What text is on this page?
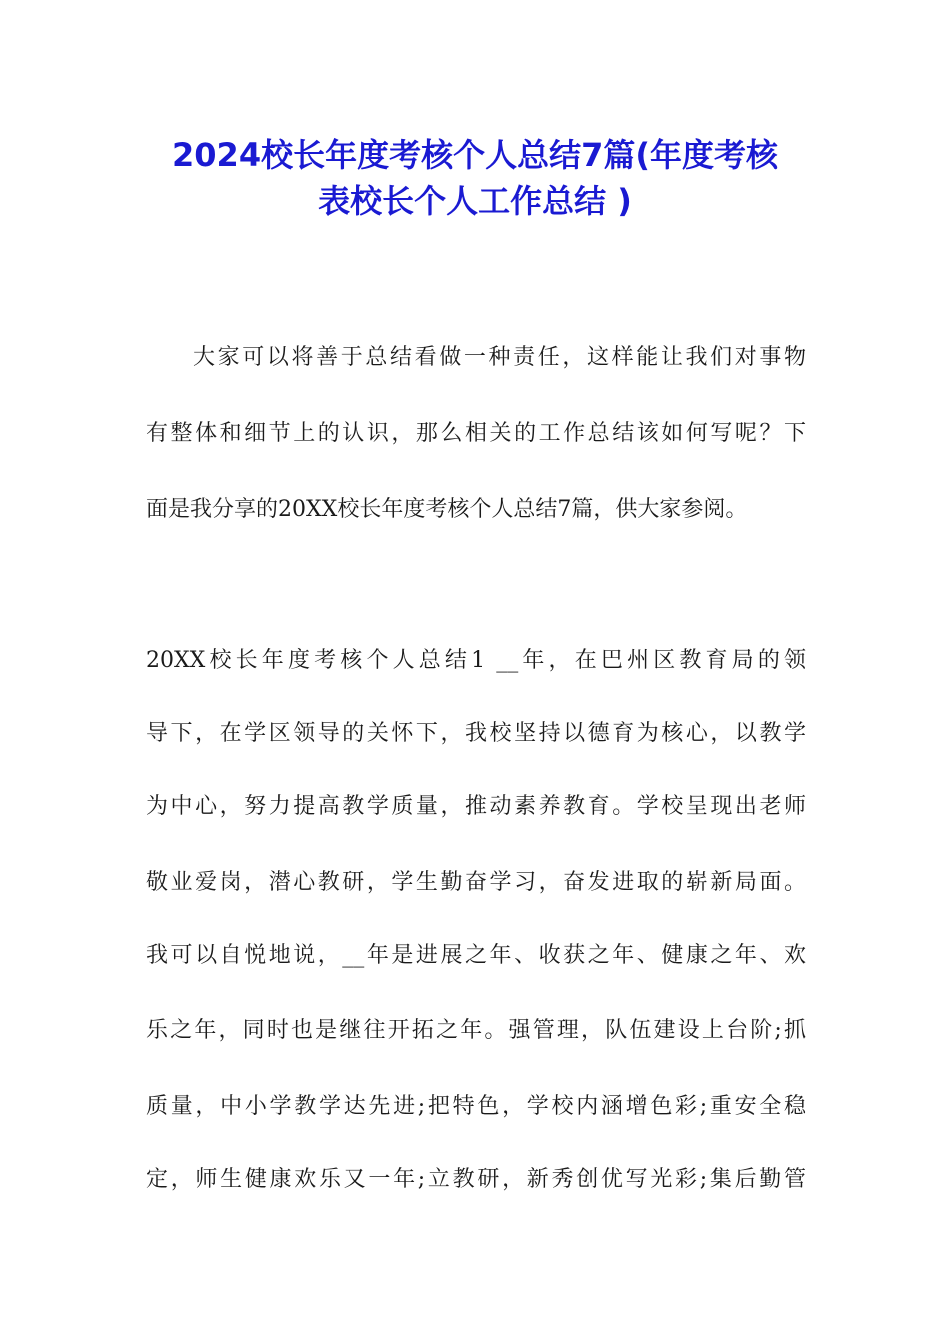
2024校长年度考核个人总结7篇(年度考核
表校长个人工作总结 )
大家可以将善于总结看做一种责任，这样能让我们对事物
有整体和细节上的认识，那么相关的工作总结该如何写呢？下
面是我分享的20XX校长年度考核个人总结7篇，供大家参阅。
20XX校长年度考核个人总结1 __年，在巴州区教育局的领
导下，在学区领导的关怀下，我校坚持以德育为核心，以教学
为中心，努力提高教学质量，推动素养教育。学校呈现出老师
敬业爱岗，潜心教研，学生勤奋学习，奋发进取的崭新局面。
我可以自悦地说，__年是进展之年、收获之年、健康之年、欢
乐之年，同时也是继往开拓之年。强管理，队伍建设上台阶;抓
质量，中小学教学达先进;把特色，学校内涵增色彩;重安全稳
定，师生健康欢乐又一年;立教研，新秀创优写光彩;集后勤管
